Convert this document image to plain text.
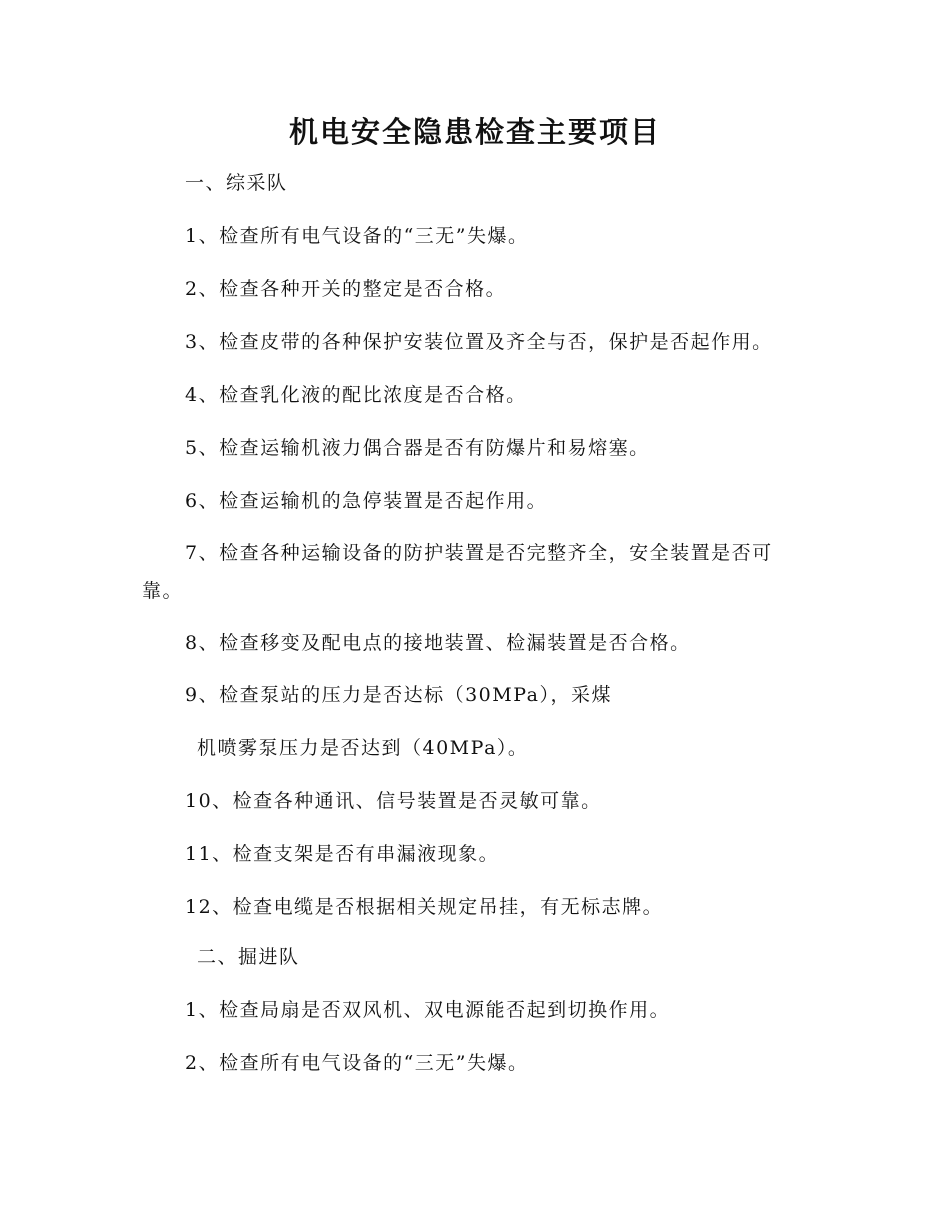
机电安全隐患检查主要项目
一、综采队
1、检查所有电气设备的“三无”失爆。
2、检查各种开关的整定是否合格。
3、检查皮带的各种保护安装位置及齐全与否，保护是否起作用。
4、检查乳化液的配比浓度是否合格。
5、检查运输机液力偶合器是否有防爆片和易熔塞。
6、检查运输机的急停装置是否起作用。
7、检查各种运输设备的防护装置是否完整齐全，安全装置是否可
靠。
8、检查移变及配电点的接地装置、检漏装置是否合格。
9、检查泵站的压力是否达标（30MPa），采煤
机喷雾泵压力是否达到（40MPa）。
10、检查各种通讯、信号装置是否灵敏可靠。
11、检查支架是否有串漏液现象。
12、检查电缆是否根据相关规定吊挂，有无标志牌。
二、掘进队
1、检查局扇是否双风机、双电源能否起到切换作用。
2、检查所有电气设备的“三无”失爆。
